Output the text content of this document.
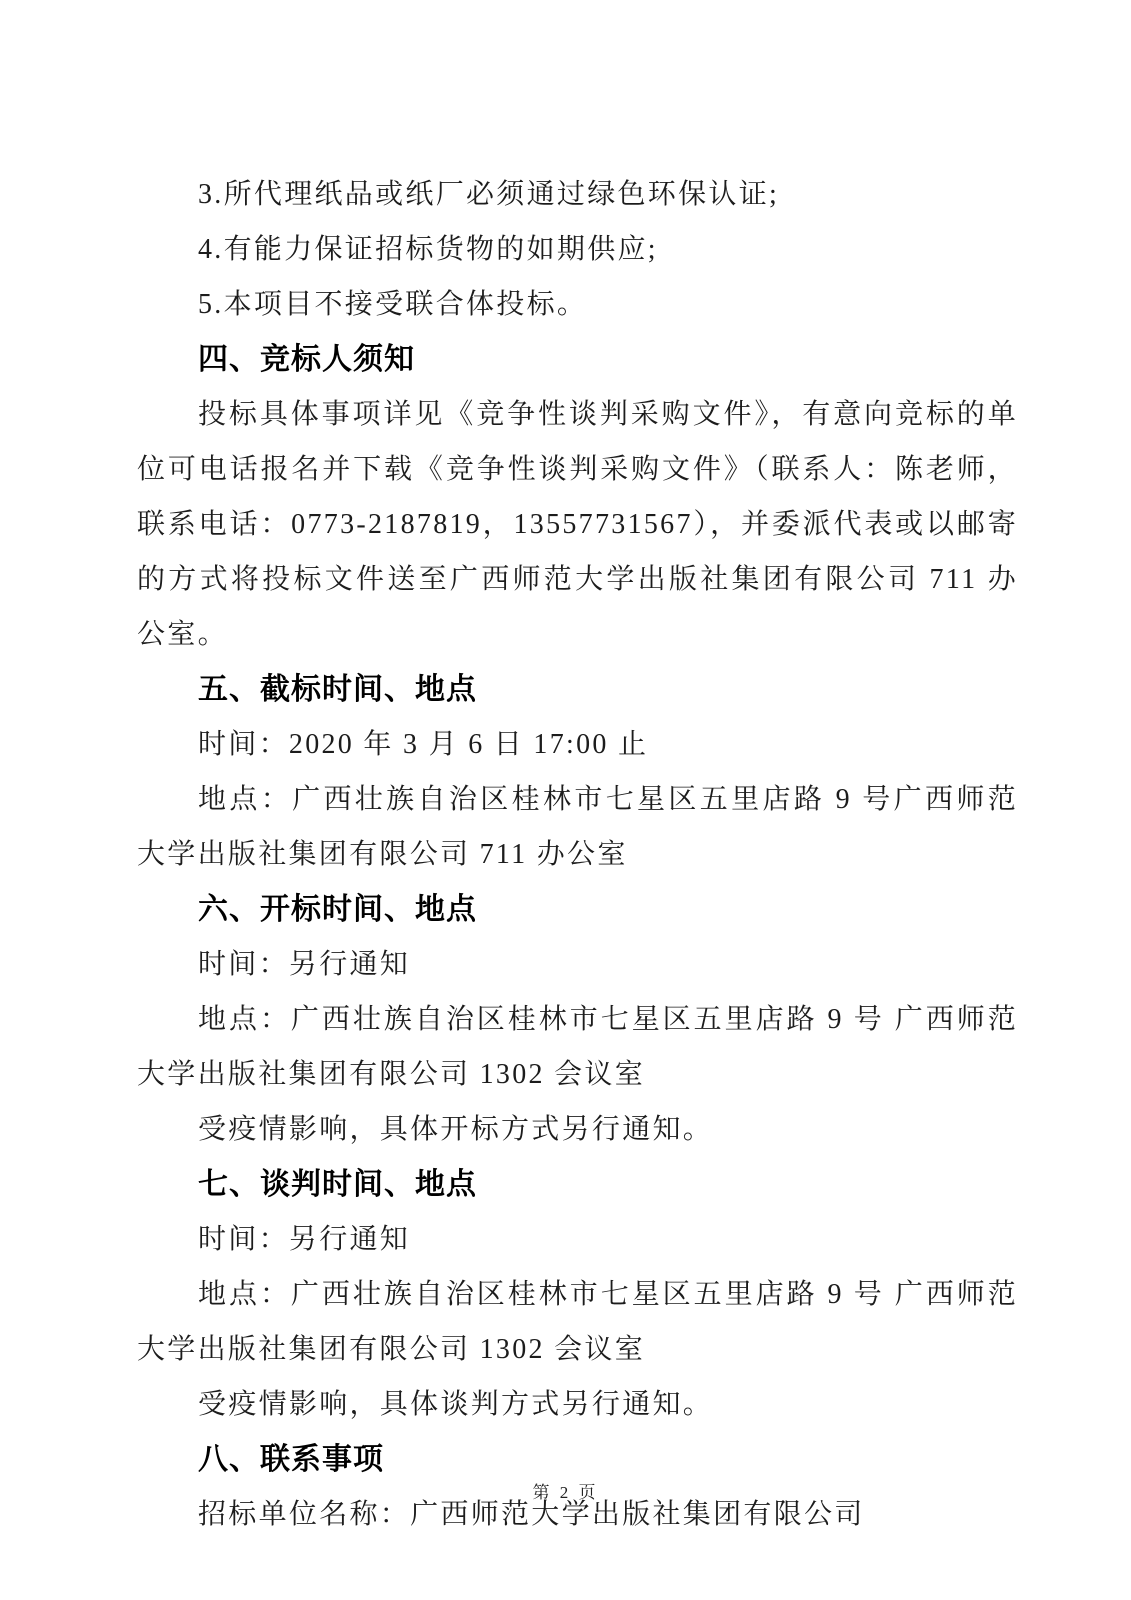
3.所代理纸品或纸厂必须通过绿色环保认证;

4.有能力保证招标货物的如期供应;

5.本项目不接受联合体投标。

四、竞标人须知

投标具体事项详见《竞争性谈判采购文件》，有意向竞标的单位可电话报名并下载《竞争性谈判采购文件》（联系人：陈老师，联系电话：0773-2187819，13557731567），并委派代表或以邮寄的方式将投标文件送至广西师范大学出版社集团有限公司 711 办公室。

五、截标时间、地点

时间：2020 年 3 月 6 日 17:00 止

地点：广西壮族自治区桂林市七星区五里店路 9 号广西师范大学出版社集团有限公司 711 办公室

六、开标时间、地点

时间：另行通知

地点：广西壮族自治区桂林市七星区五里店路 9 号 广西师范大学出版社集团有限公司 1302 会议室

受疫情影响，具体开标方式另行通知。

七、谈判时间、地点

时间：另行通知

地点：广西壮族自治区桂林市七星区五里店路 9 号 广西师范大学出版社集团有限公司 1302 会议室

受疫情影响，具体谈判方式另行通知。

八、联系事项

招标单位名称：广西师范大学出版社集团有限公司

第 2 页
